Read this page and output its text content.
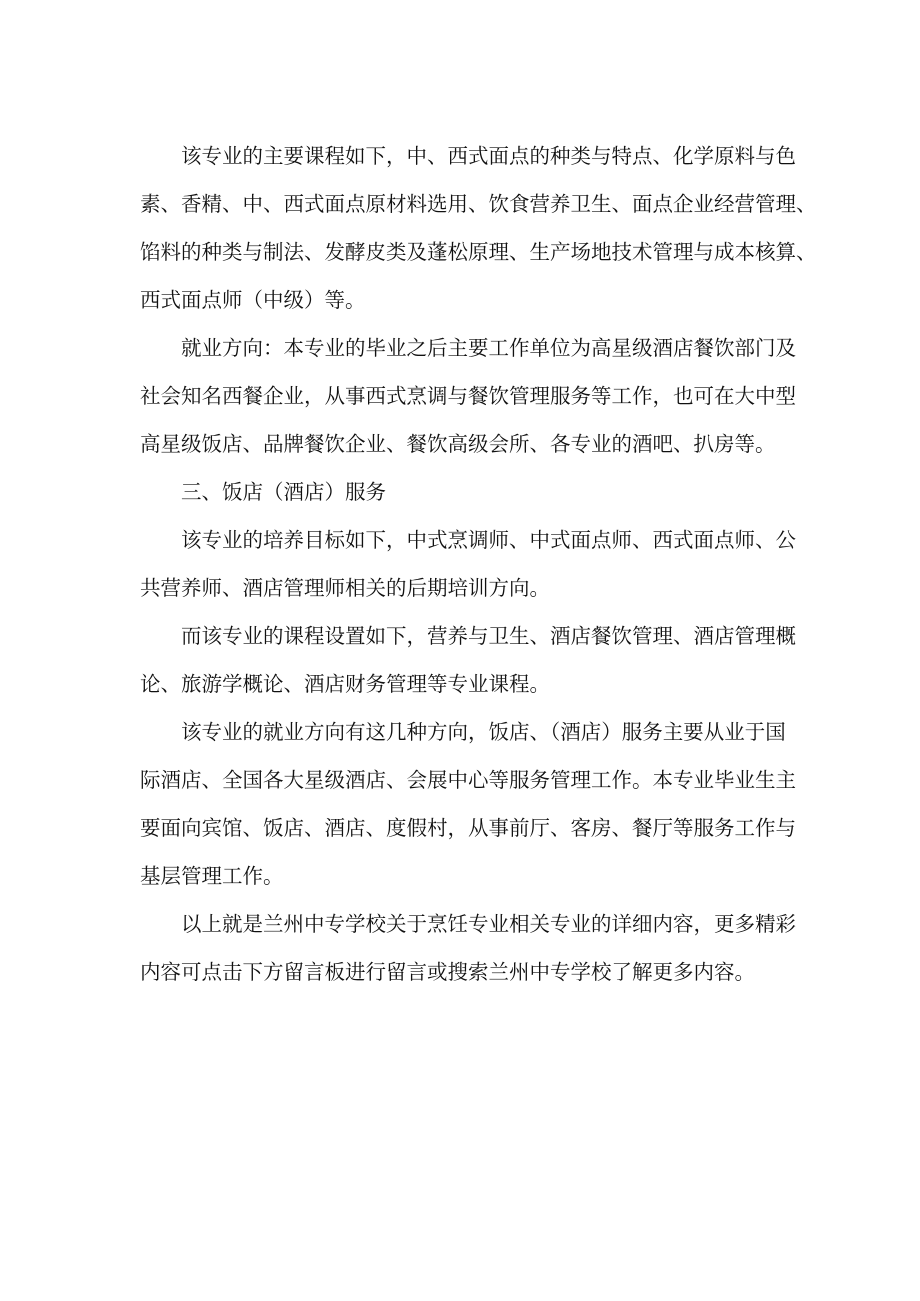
该专业的主要课程如下，中、西式面点的种类与特点、化学原料与色
素、香精、中、西式面点原材料选用、饮食营养卫生、面点企业经营管理、
馅料的种类与制法、发酵皮类及蓬松原理、生产场地技术管理与成本核算、
西式面点师（中级）等。
就业方向：本专业的毕业之后主要工作单位为高星级酒店餐饮部门及
社会知名西餐企业，从事西式烹调与餐饮管理服务等工作，也可在大中型
高星级饭店、品牌餐饮企业、餐饮高级会所、各专业的酒吧、扒房等。
三、饭店（酒店）服务
该专业的培养目标如下，中式烹调师、中式面点师、西式面点师、公
共营养师、酒店管理师相关的后期培训方向。
而该专业的课程设置如下，营养与卫生、酒店餐饮管理、酒店管理概
论、旅游学概论、酒店财务管理等专业课程。
该专业的就业方向有这几种方向，饭店、（酒店）服务主要从业于国
际酒店、全国各大星级酒店、会展中心等服务管理工作。本专业毕业生主
要面向宾馆、饭店、酒店、度假村，从事前厅、客房、餐厅等服务工作与
基层管理工作。
以上就是兰州中专学校关于烹饪专业相关专业的详细内容，更多精彩
内容可点击下方留言板进行留言或搜索兰州中专学校了解更多内容。
